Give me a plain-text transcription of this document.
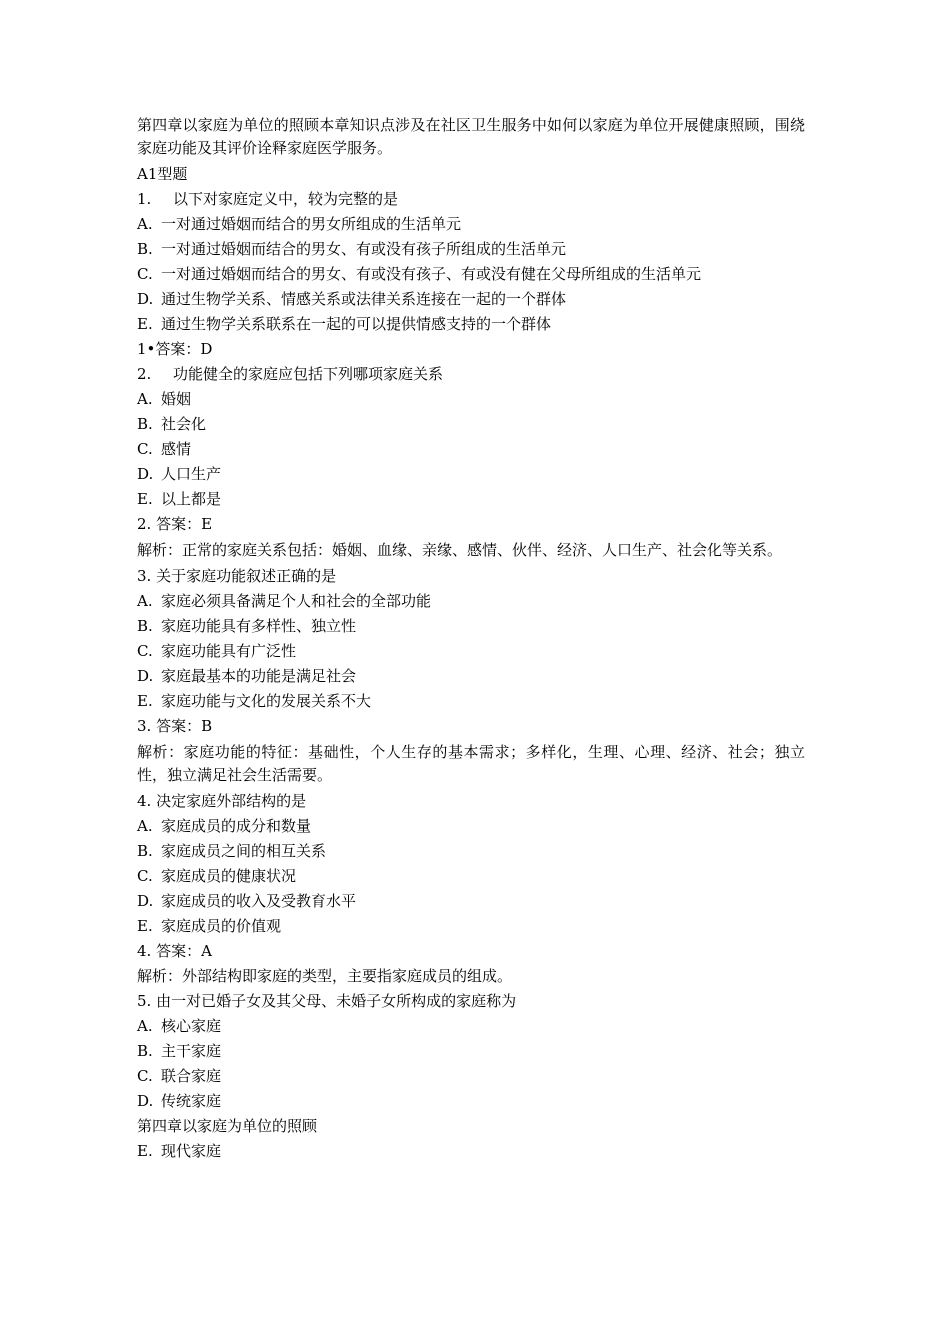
第四章以家庭为单位的照顾本章知识点涉及在社区卫生服务中如何以家庭为单位开展健康照顾，围绕家庭功能及其评价诠释家庭医学服务。
A1型题
1. 以下对家庭定义中，较为完整的是
A. 一对通过婚姻而结合的男女所组成的生活单元
B. 一对通过婚姻而结合的男女、有或没有孩子所组成的生活单元
C. 一对通过婚姻而结合的男女、有或没有孩子、有或没有健在父母所组成的生活单元
D. 通过生物学关系、情感关系或法律关系连接在一起的一个群体
E. 通过生物学关系联系在一起的可以提供情感支持的一个群体
1•答案：D
2. 功能健全的家庭应包括下列哪项家庭关系
A. 婚姻
B. 社会化
C. 感情
D. 人口生产
E. 以上都是
2. 答案：E
解析：正常的家庭关系包括：婚姻、血缘、亲缘、感情、伙伴、经济、人口生产、社会化等关系。
3. 关于家庭功能叙述正确的是
A. 家庭必须具备满足个人和社会的全部功能
B. 家庭功能具有多样性、独立性
C. 家庭功能具有广泛性
D. 家庭最基本的功能是满足社会
E. 家庭功能与文化的发展关系不大
3. 答案：B
解析：家庭功能的特征：基础性，个人生存的基本需求；多样化，生理、心理、经济、社会；独立性，独立满足社会生活需要。
4. 决定家庭外部结构的是
A. 家庭成员的成分和数量
B. 家庭成员之间的相互关系
C. 家庭成员的健康状况
D. 家庭成员的收入及受教育水平
E. 家庭成员的价值观
4. 答案：A
解析：外部结构即家庭的类型，主要指家庭成员的组成。
5. 由一对已婚子女及其父母、未婚子女所构成的家庭称为
A. 核心家庭
B. 主干家庭
C. 联合家庭
D. 传统家庭
第四章以家庭为单位的照顾
E. 现代家庭
